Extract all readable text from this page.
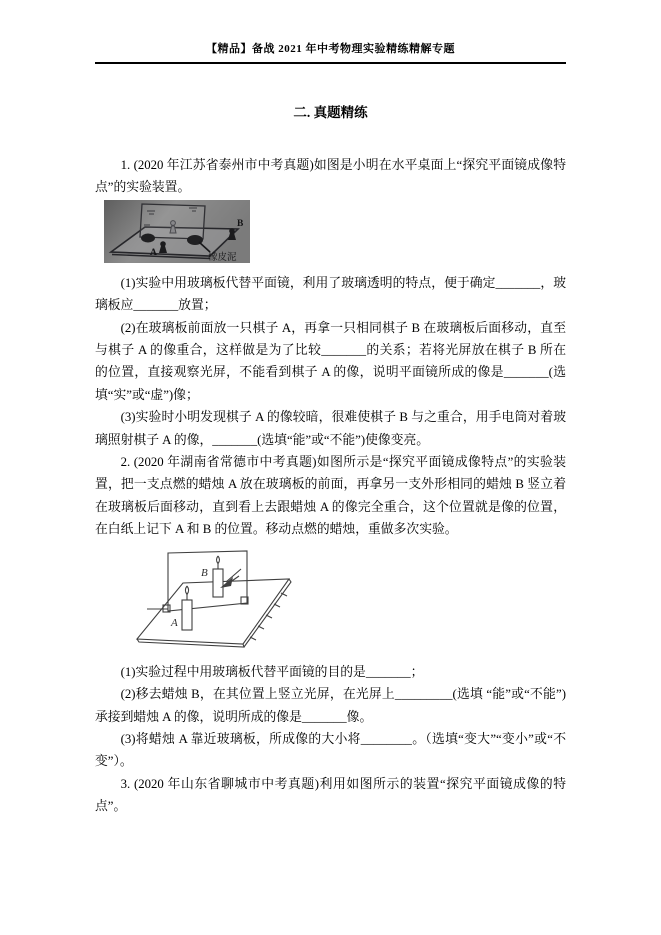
【精品】备战 2021 年中考物理实验精练精解专题
二. 真题精练

1. (2020 年江苏省泰州市中考真题)如图是小明在水平桌面上“探究平面镜成像特点”的实验装置。

A
B
橡皮泥

(1)实验中用玻璃板代替平面镜，利用了玻璃透明的特点，便于确定_______，玻璃板应_______放置；

(2)在玻璃板前面放一只棋子 A，再拿一只相同棋子 B 在玻璃板后面移动，直至与棋子 A 的像重合，这样做是为了比较_______的关系；若将光屏放在棋子 B 所在的位置，直接观察光屏，不能看到棋子 A 的像，说明平面镜所成的像是_______(选填“实”或“虚”)像；

(3)实验时小明发现棋子 A 的像较暗，很难使棋子 B 与之重合，用手电筒对着玻璃照射棋子 A 的像，_______(选填“能”或“不能”)使像变亮。

2. (2020 年湖南省常德市中考真题)如图所示是“探究平面镜成像特点”的实验装置，把一支点燃的蜡烛 A 放在玻璃板的前面，再拿另一支外形相同的蜡烛 B 竖立着在玻璃板后面移动，直到看上去跟蜡烛 A 的像完全重合，这个位置就是像的位置，在白纸上记下 A 和 B 的位置。移动点燃的蜡烛，重做多次实验。

A
B

(1)实验过程中用玻璃板代替平面镜的目的是_______；

(2)移去蜡烛 B，在其位置上竖立光屏，在光屏上_________(选填 “能”或“不能”)承接到蜡烛 A 的像，说明所成的像是_______像。

(3)将蜡烛 A 靠近玻璃板，所成像的大小将________。（选填“变大”“变小”或“不变”）。

3. (2020 年山东省聊城市中考真题)利用如图所示的装置“探究平面镜成像的特点”。
